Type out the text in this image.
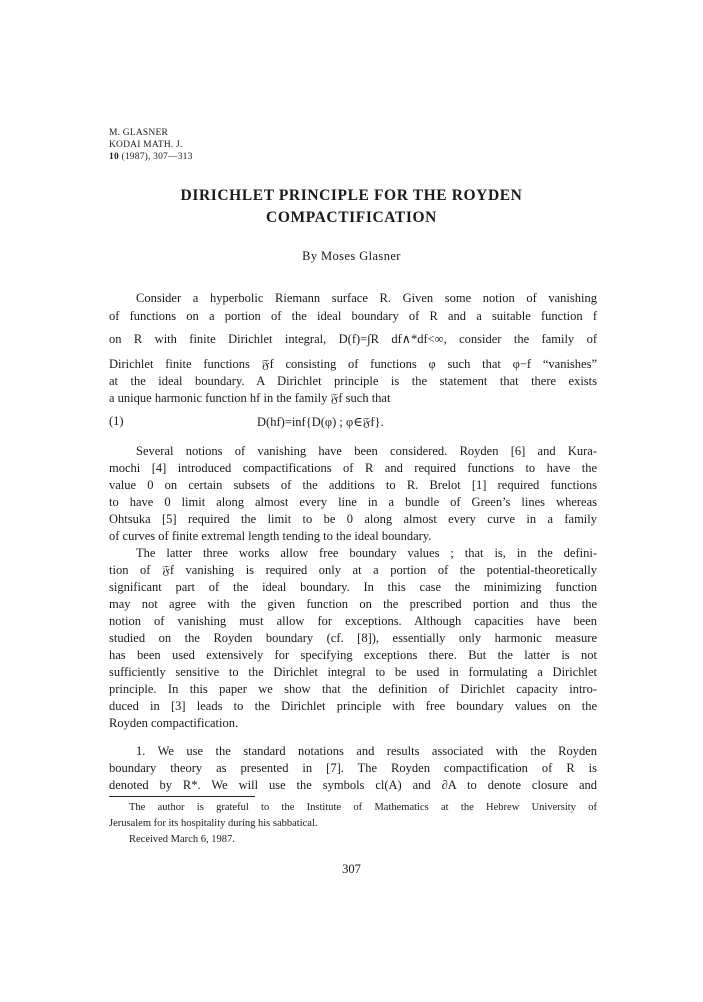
M. GLASNER
KODAI MATH. J.
10 (1987), 307—313
DIRICHLET PRINCIPLE FOR THE ROYDEN
COMPACTIFICATION
By Moses Glasner
Consider a hyperbolic Riemann surface R. Given some notion of vanishing
of functions on a portion of the ideal boundary of R and a suitable function f
on R with finite Dirichlet integral, D(f)=∫R df∧*df<∞, consider the family of
Dirichlet finite functions 𝔉f consisting of functions φ such that φ−f “vanishes”
at the ideal boundary. A Dirichlet principle is the statement that there exists
a unique harmonic function hf in the family 𝔉f such that
(1)	D(hf)=inf{D(φ) ; φ∈𝔉f}.
Several notions of vanishing have been considered. Royden [6] and Kura-
mochi [4] introduced compactifications of R and required functions to have the
value 0 on certain subsets of the additions to R. Brelot [1] required functions
to have 0 limit along almost every line in a bundle of Green’s lines whereas
Ohtsuka [5] required the limit to be 0 along almost every curve in a family
of curves of finite extremal length tending to the ideal boundary.
The latter three works allow free boundary values ; that is, in the defini-
tion of 𝔉f vanishing is required only at a portion of the potential-theoretically
significant part of the ideal boundary. In this case the minimizing function
may not agree with the given function on the prescribed portion and thus the
notion of vanishing must allow for exceptions. Although capacities have been
studied on the Royden boundary (cf. [8]), essentially only harmonic measure
has been used extensively for specifying exceptions there. But the latter is not
sufficiently sensitive to the Dirichlet integral to be used in formulating a Dirichlet
principle. In this paper we show that the definition of Dirichlet capacity intro-
duced in [3] leads to the Dirichlet principle with free boundary values on the
Royden compactification.
1. We use the standard notations and results associated with the Royden
boundary theory as presented in [7]. The Royden compactification of R is
denoted by R*. We will use the symbols cl(A) and ∂A to denote closure and
The author is grateful to the Institute of Mathematics at the Hebrew University of
Jerusalem for its hospitality during his sabbatical.
Received March 6, 1987.
307
